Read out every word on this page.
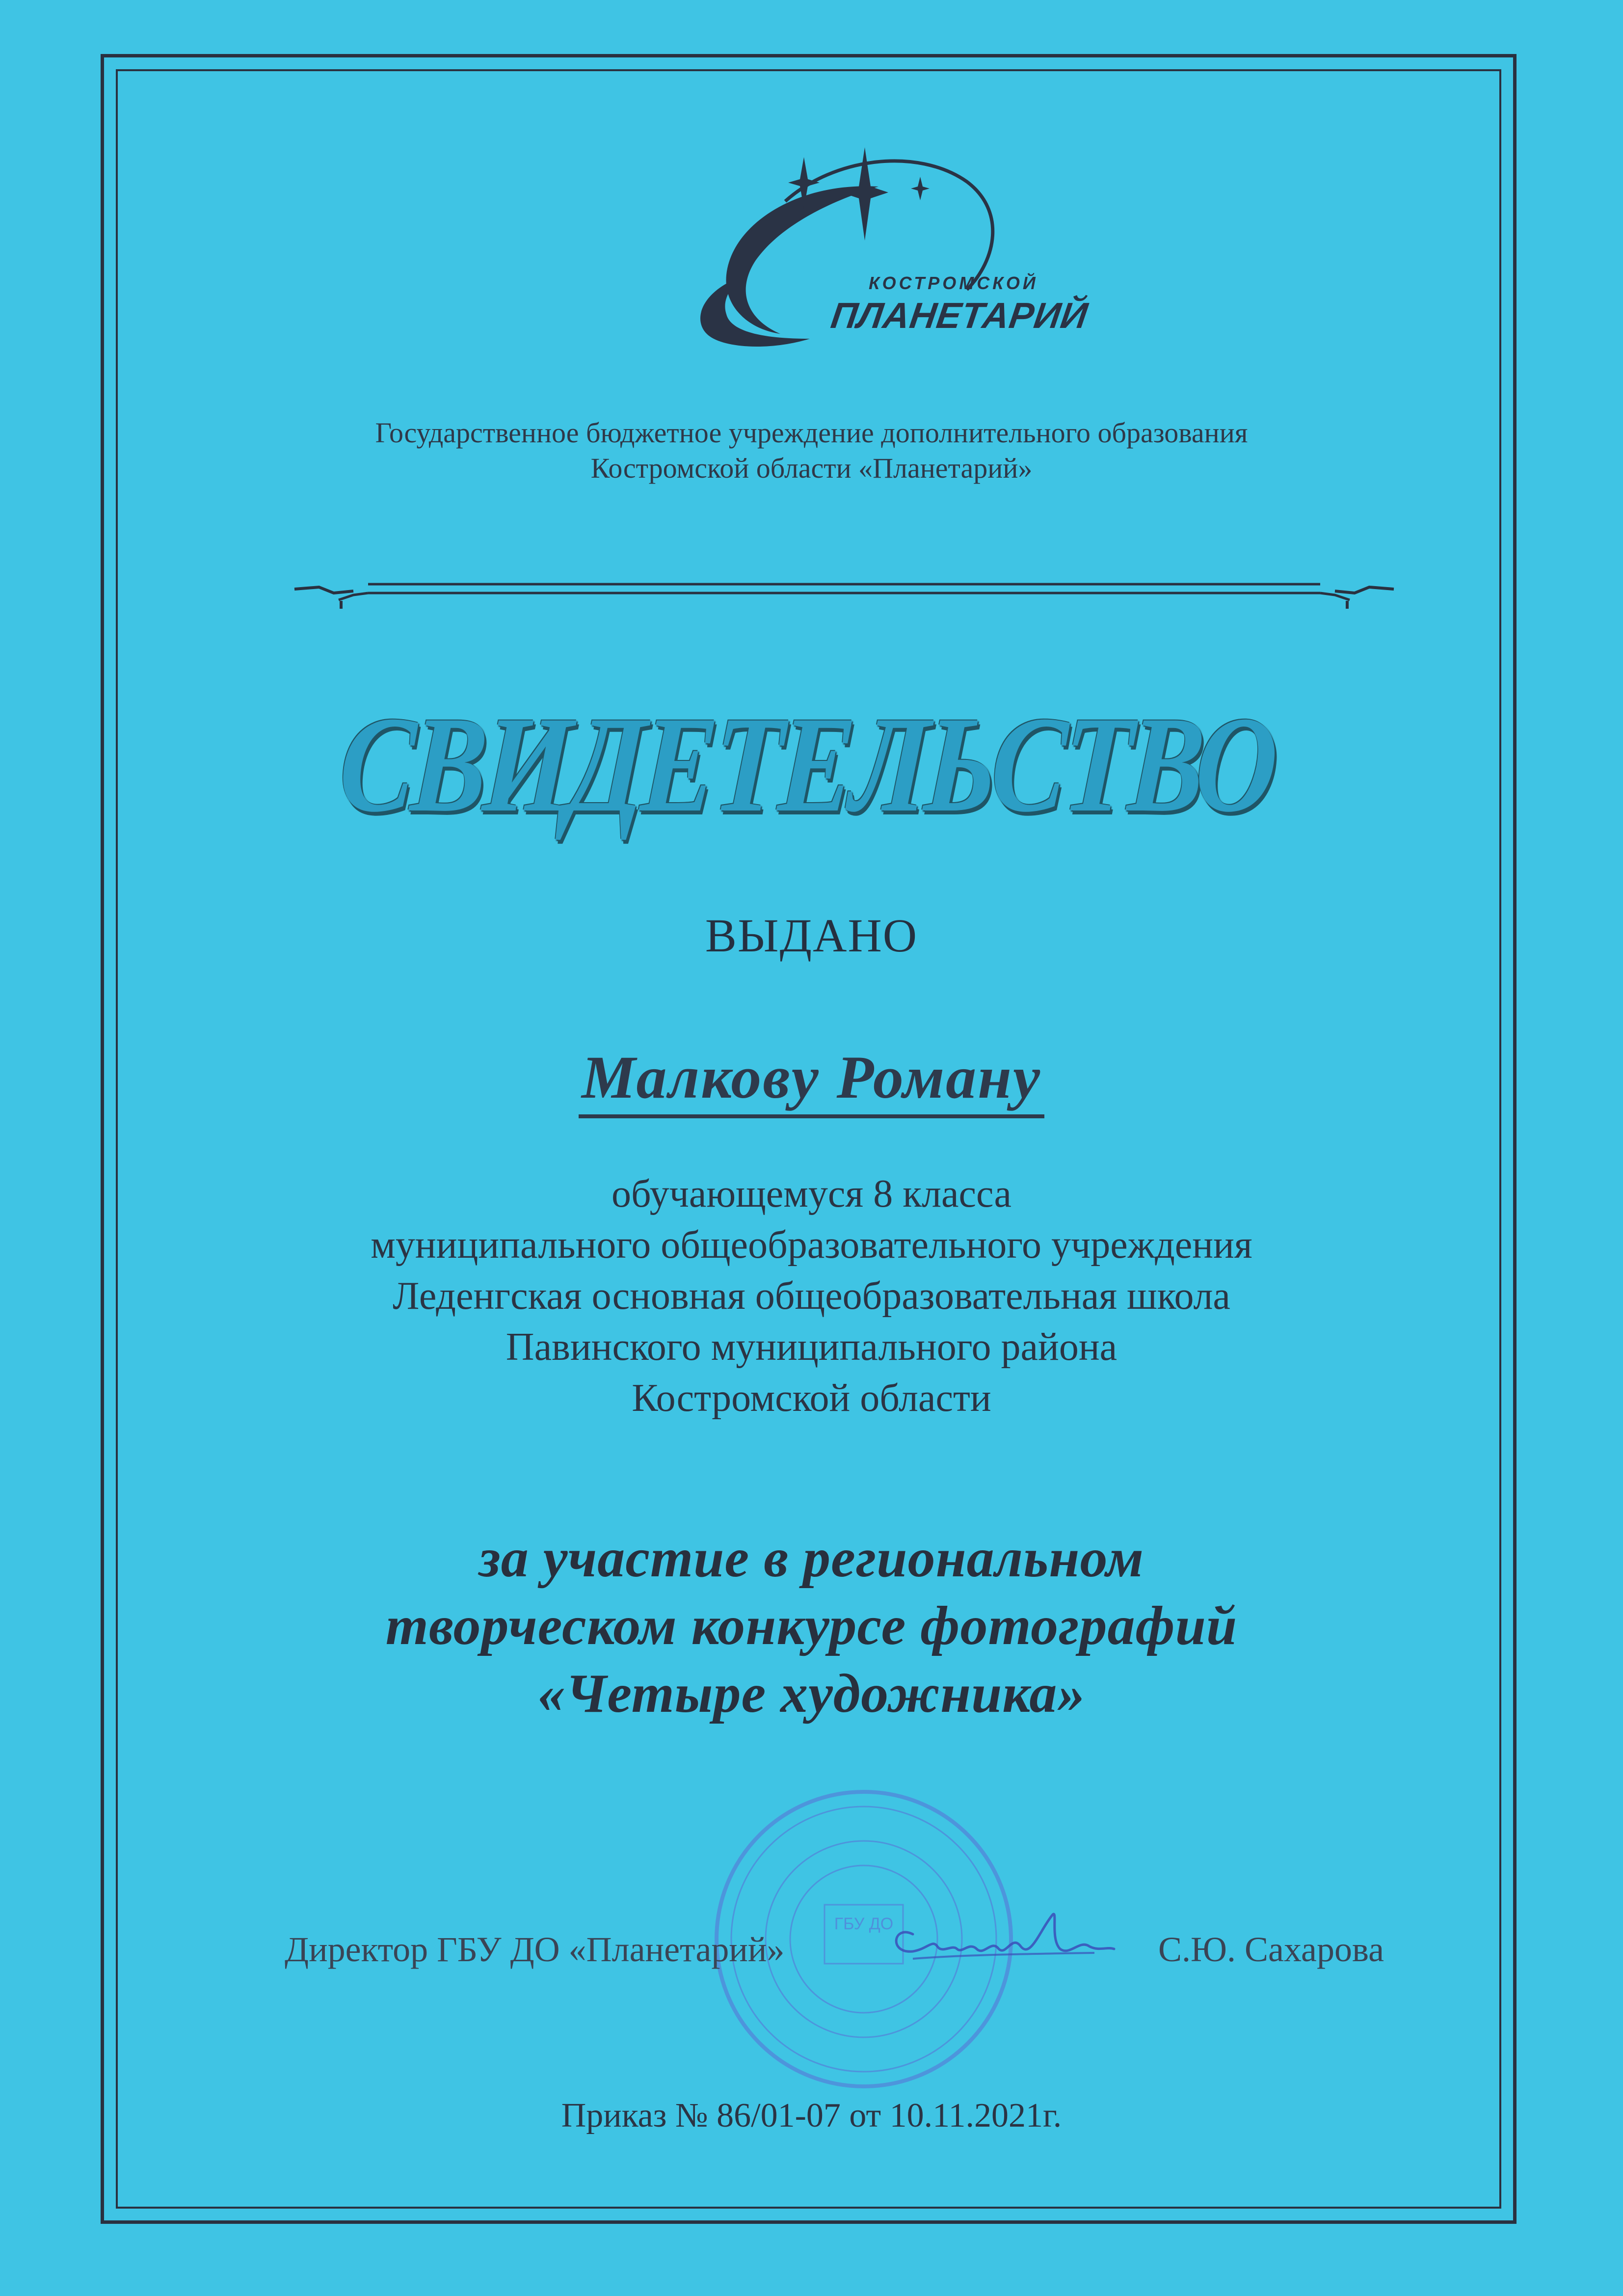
КОСТРОМСКОЙ
ПЛАНЕТАРИЙ
Государственное бюджетное учреждение дополнительного образования
Костромской области «Планетарий»
СВИДЕТЕЛЬСТВО
ВЫДАНО
Малкову Роману
обучающемуся 8 класса
муниципального общеобразовательного учреждения
Леденгская основная общеобразовательная школа
Павинского муниципального района
Костромской области
за участие в региональном
творческом конкурсе фотографий
«Четыре художника»
ГБУ ДО
Директор ГБУ ДО «Планетарий»	С.Ю. Сахарова
Приказ № 86/01-07 от 10.11.2021г.
